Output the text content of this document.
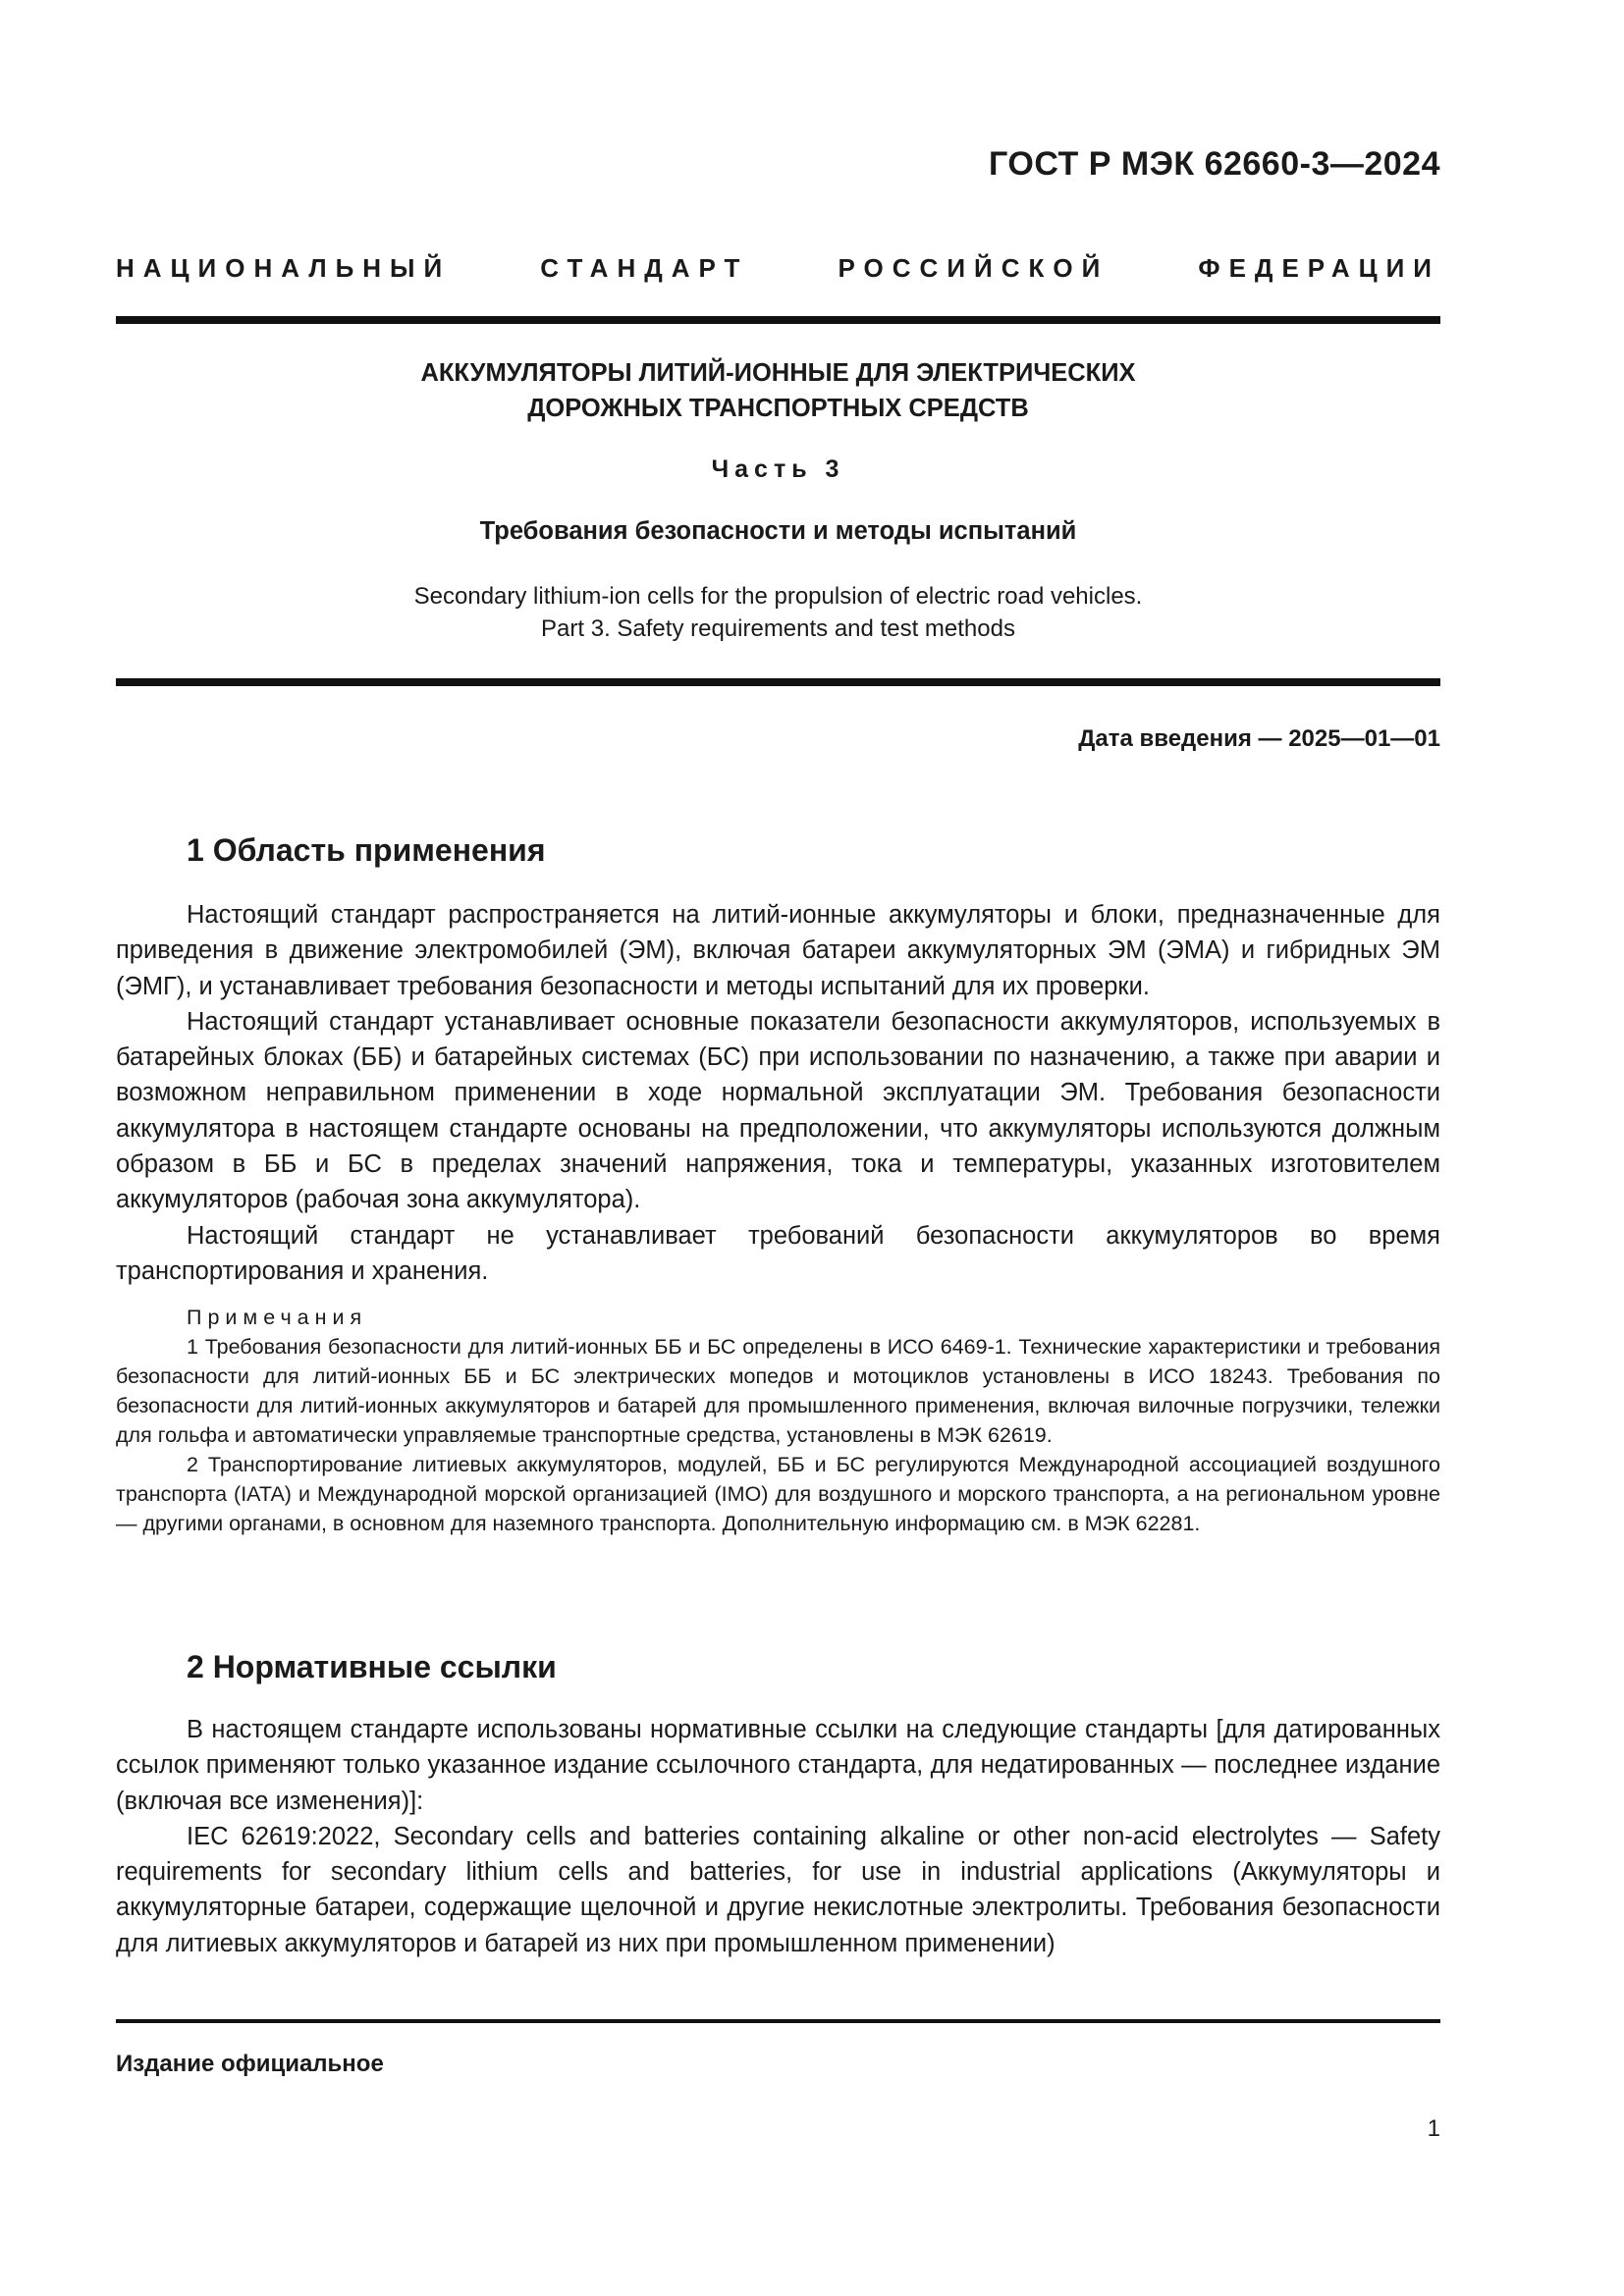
ГОСТ Р МЭК 62660-3—2024
НАЦИОНАЛЬНЫЙ СТАНДАРТ РОССИЙСКОЙ ФЕДЕРАЦИИ
АККУМУЛЯТОРЫ ЛИТИЙ-ИОННЫЕ ДЛЯ ЭЛЕКТРИЧЕСКИХ
ДОРОЖНЫХ ТРАНСПОРТНЫХ СРЕДСТВ
Часть 3
Требования безопасности и методы испытаний
Secondary lithium-ion cells for the propulsion of electric road vehicles.
Part 3. Safety requirements and test methods
Дата введения — 2025—01—01
1 Область применения

Настоящий стандарт распространяется на литий-ионные аккумуляторы и блоки, предназначенные для приведения в движение электромобилей (ЭМ), включая батареи аккумуляторных ЭМ (ЭМА) и гибридных ЭМ (ЭМГ), и устанавливает требования безопасности и методы испытаний для их проверки.

Настоящий стандарт устанавливает основные показатели безопасности аккумуляторов, используемых в батарейных блоках (ББ) и батарейных системах (БС) при использовании по назначению, а также при аварии и возможном неправильном применении в ходе нормальной эксплуатации ЭМ. Требования безопасности аккумулятора в настоящем стандарте основаны на предположении, что аккумуляторы используются должным образом в ББ и БС в пределах значений напряжения, тока и температуры, указанных изготовителем аккумуляторов (рабочая зона аккумулятора).

Настоящий стандарт не устанавливает требований безопасности аккумуляторов во время транспортирования и хранения.

Примечания

1 Требования безопасности для литий-ионных ББ и БС определены в ИСО 6469-1. Технические характеристики и требования безопасности для литий-ионных ББ и БС электрических мопедов и мотоциклов установлены в ИСО 18243. Требования по безопасности для литий-ионных аккумуляторов и батарей для промышленного применения, включая вилочные погрузчики, тележки для гольфа и автоматически управляемые транспортные средства, установлены в МЭК 62619.

2 Транспортирование литиевых аккумуляторов, модулей, ББ и БС регулируются Международной ассоциацией воздушного транспорта (IATA) и Международной морской организацией (IMO) для воздушного и морского транспорта, а на региональном уровне — другими органами, в основном для наземного транспорта. Дополнительную информацию см. в МЭК 62281.

2 Нормативные ссылки

В настоящем стандарте использованы нормативные ссылки на следующие стандарты [для датированных ссылок применяют только указанное издание ссылочного стандарта, для недатированных — последнее издание (включая все изменения)]:

IEC 62619:2022, Secondary cells and batteries containing alkaline or other non-acid electrolytes — Safety requirements for secondary lithium cells and batteries, for use in industrial applications (Аккумуляторы и аккумуляторные батареи, содержащие щелочной и другие некислотные электролиты. Требования безопасности для литиевых аккумуляторов и батарей из них при промышленном применении)

Издание официальное
1
